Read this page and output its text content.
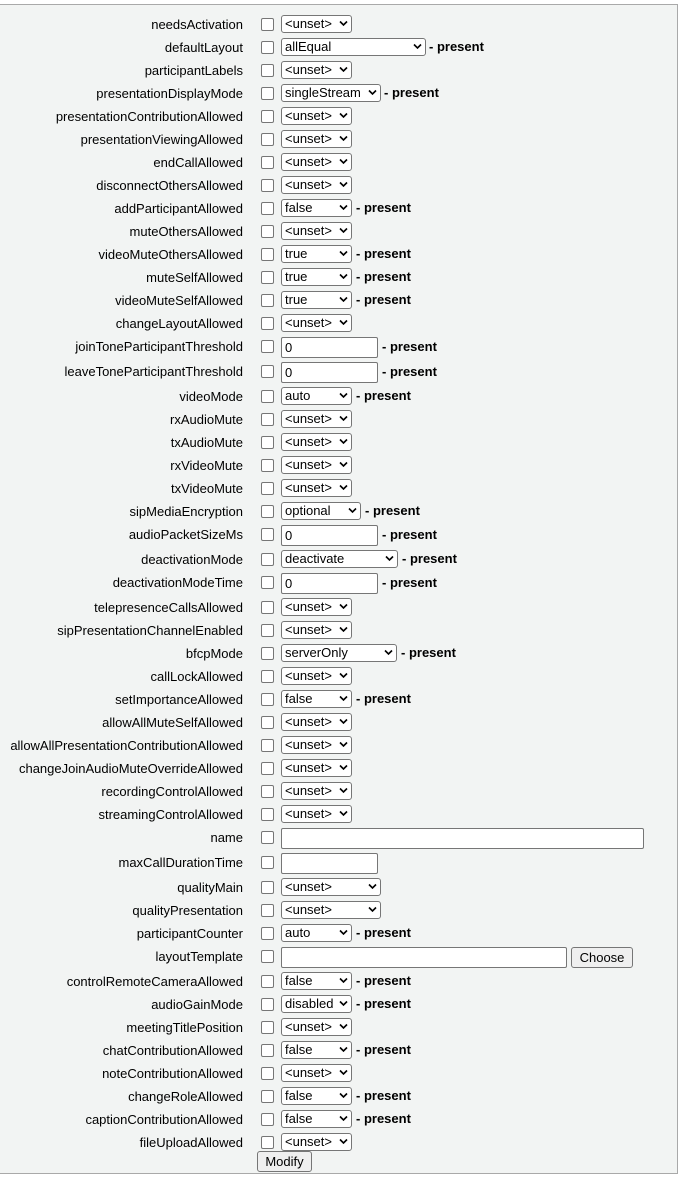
needsActivation	<unset>
defaultLayout	allEqual	- present
participantLabels	<unset>
presentationDisplayMode	singleStream	- present
presentationContributionAllowed	<unset>
presentationViewingAllowed	<unset>
endCallAllowed	<unset>
disconnectOthersAllowed	<unset>
addParticipantAllowed	false	- present
muteOthersAllowed	<unset>
videoMuteOthersAllowed	true	- present
muteSelfAllowed	true	- present
videoMuteSelfAllowed	true	- present
changeLayoutAllowed	<unset>
joinToneParticipantThreshold	0	- present
leaveToneParticipantThreshold	0	- present
videoMode	auto	- present
rxAudioMute	<unset>
txAudioMute	<unset>
rxVideoMute	<unset>
txVideoMute	<unset>
sipMediaEncryption	optional	- present
audioPacketSizeMs	0	- present
deactivationMode	deactivate	- present
deactivationModeTime	0	- present
telepresenceCallsAllowed	<unset>
sipPresentationChannelEnabled	<unset>
bfcpMode	serverOnly	- present
callLockAllowed	<unset>
setImportanceAllowed	false	- present
allowAllMuteSelfAllowed	<unset>
allowAllPresentationContributionAllowed	<unset>
changeJoinAudioMuteOverrideAllowed	<unset>
recordingControlAllowed	<unset>
streamingControlAllowed	<unset>
name
maxCallDurationTime
qualityMain	<unset>
qualityPresentation	<unset>
participantCounter	auto	- present
layoutTemplate	Choose
controlRemoteCameraAllowed	false	- present
audioGainMode	disabled	- present
meetingTitlePosition	<unset>
chatContributionAllowed	false	- present
noteContributionAllowed	<unset>
changeRoleAllowed	false	- present
captionContributionAllowed	false	- present
fileUploadAllowed	<unset>
Modify
